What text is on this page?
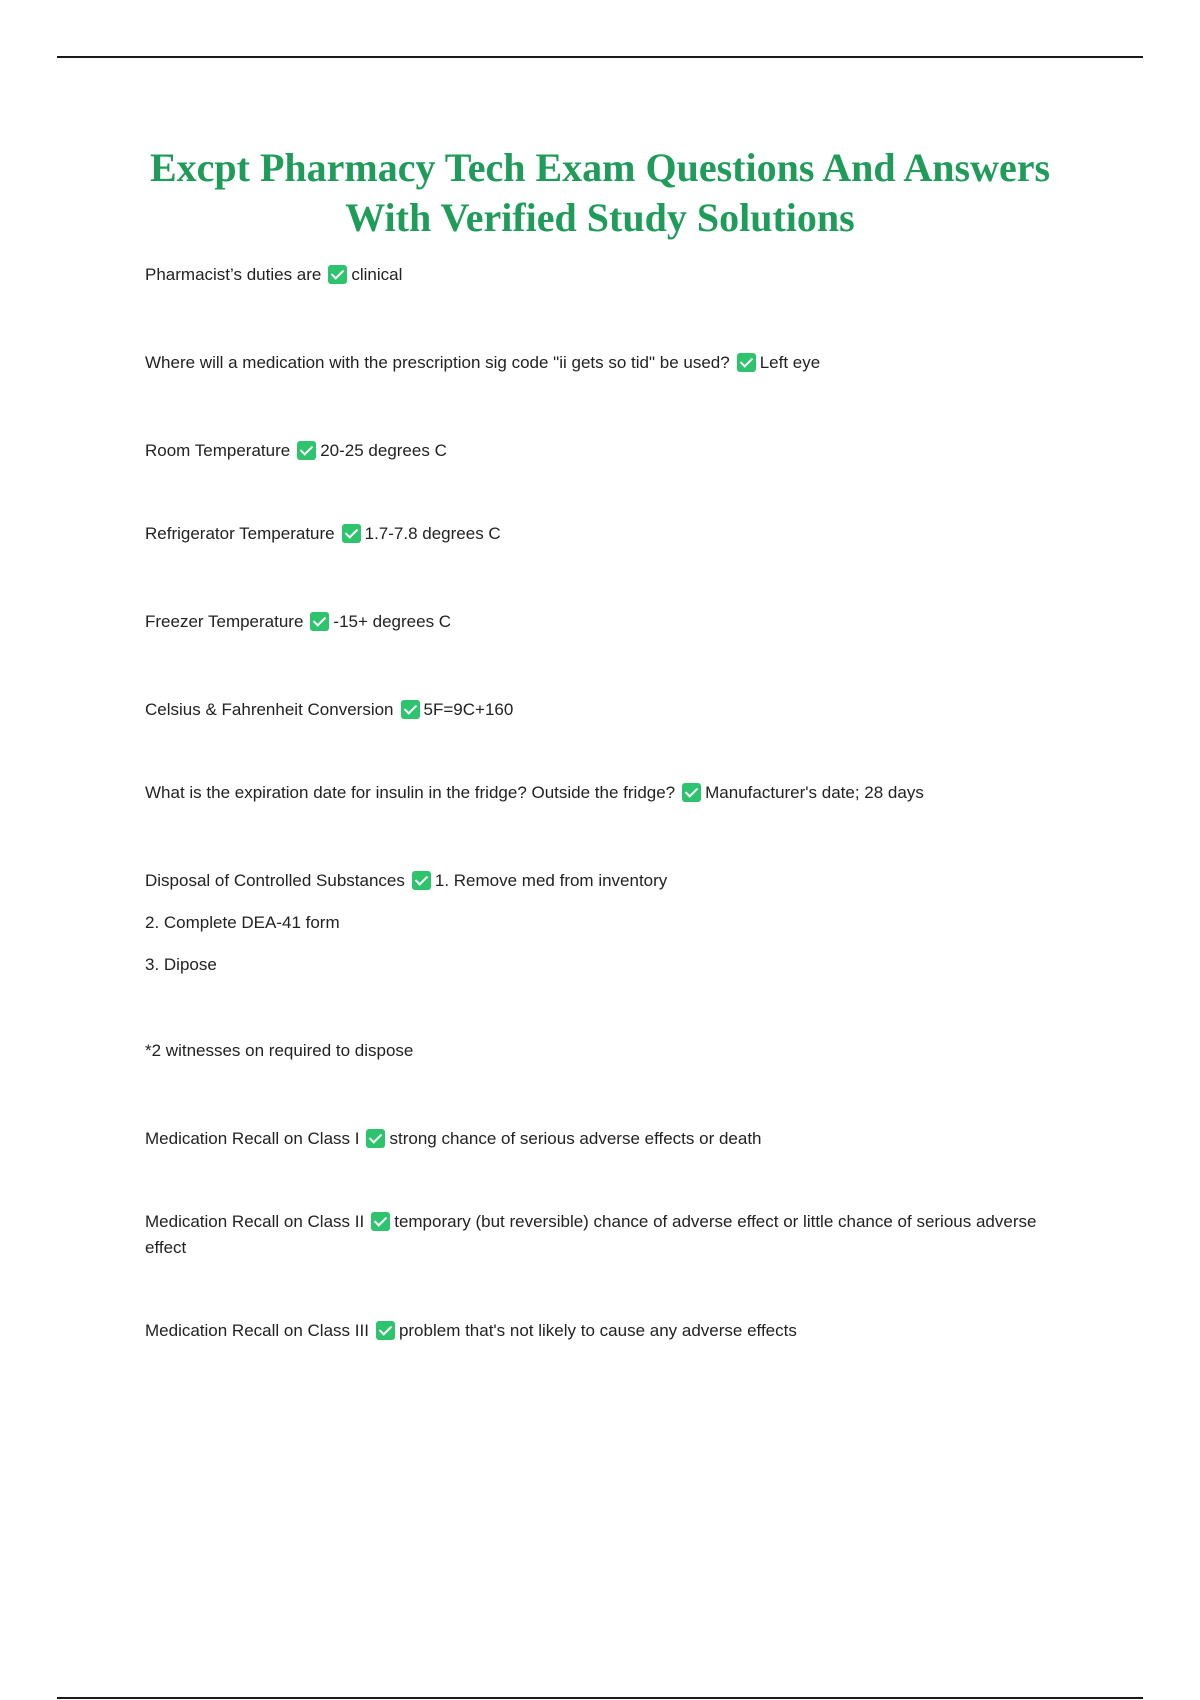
Excpt Pharmacy Tech Exam Questions And Answers
With Verified Study Solutions

Pharmacist’s duties are clinical

Where will a medication with the prescription sig code "ii gets so tid" be used? Left eye

Room Temperature 20-25 degrees C

Refrigerator Temperature 1.7-7.8 degrees C

Freezer Temperature -15+ degrees C

Celsius & Fahrenheit Conversion 5F=9C+160

What is the expiration date for insulin in the fridge? Outside the fridge? Manufacturer's date; 28 days

Disposal of Controlled Substances 1. Remove med from inventory

2. Complete DEA-41 form

3. Dipose

*2 witnesses on required to dispose

Medication Recall on Class I strong chance of serious adverse effects or death

Medication Recall on Class II temporary (but reversible) chance of adverse effect or little chance of serious adverse effect

Medication Recall on Class III problem that's not likely to cause any adverse effects
